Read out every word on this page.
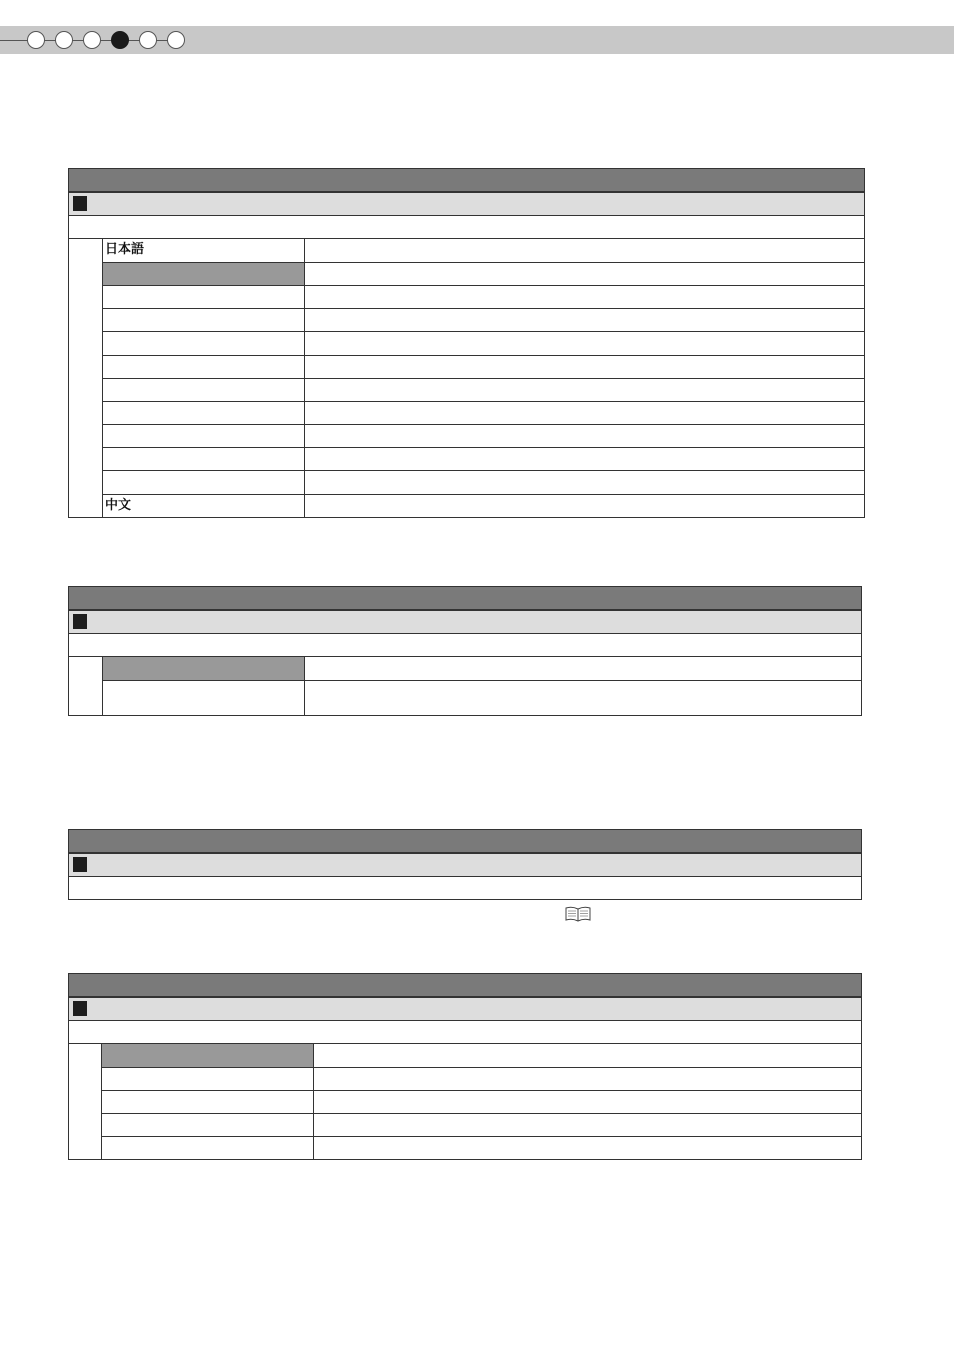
日本語
中文
